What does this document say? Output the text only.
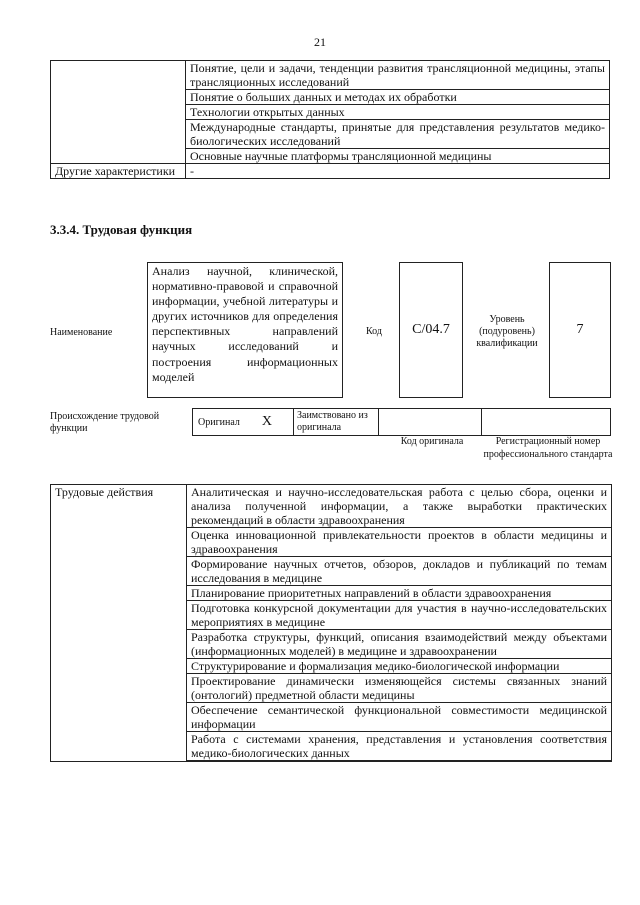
21
	Понятие, цели и задачи, тенденции развития трансляционной медицины, этапы трансляционных исследований
	Понятие о больших данных и методах их обработки
	Технологии открытых данных
	Международные стандарты, принятые для представления результатов медико-биологических исследований
	Основные научные платформы трансляционной медицины
Другие характеристики	-
3.3.4. Трудовая функция
Наименование
Анализ научной, клинической, нормативно-правовой и справочной информации, учебной литературы и других источников для определения перспективных направлений научных исследований и построения информационных моделей
Код С/04.7
Уровень (подуровень) квалификации
7
Происхождение трудовой функции
Оригинал X	Заимствовано из оригинала
Код оригинала	Регистрационный номер профессионального стандарта
Трудовые действия	Аналитическая и научно-исследовательская работа с целью сбора, оценки и анализа полученной информации, а также выработки практических рекомендаций в области здравоохранения
Оценка инновационной привлекательности проектов в области медицины и здравоохранения
Формирование научных отчетов, обзоров, докладов и публикаций по темам исследования в медицине
Планирование приоритетных направлений в области здравоохранения
Подготовка конкурсной документации для участия в научно-исследовательских мероприятиях в медицине
Разработка структуры, функций, описания взаимодействий между объектами (информационных моделей) в медицине и здравоохранении
Структурирование и формализация медико-биологической информации
Проектирование динамически изменяющейся системы связанных знаний (онтологий) предметной области медицины
Обеспечение семантической функциональной совместимости медицинской информации
Работа с системами хранения, представления и установления соответствия медико-биологических данных
